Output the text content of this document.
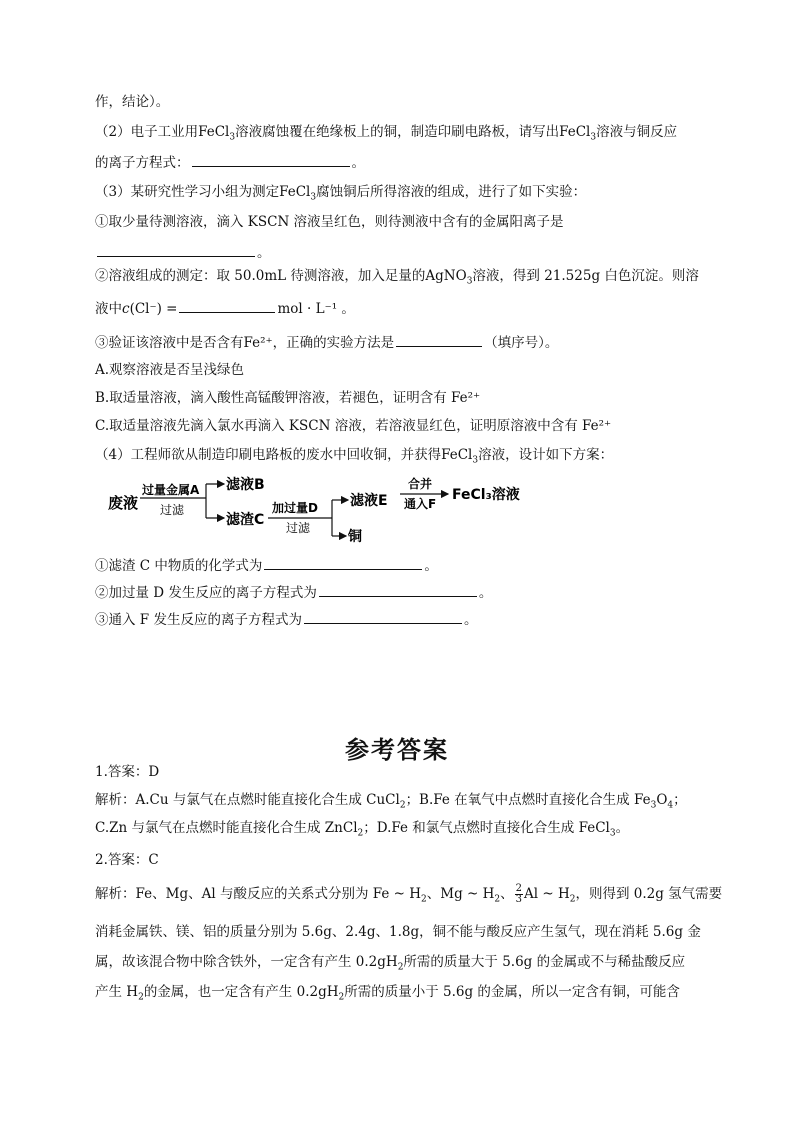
作，结论）。
（2）电子工业用FeCl$_3$溶液腐蚀覆在绝缘板上的铜，制造印刷电路板，请写出FeCl$_3$溶液与铜反应
的离子方程式：	。
（3）某研究性学习小组为测定FeCl$_3$腐蚀铜后所得溶液的组成，进行了如下实验：
①取少量待测溶液，滴入 KSCN 溶液呈红色，则待测液中含有的金属阳离子是
。
②溶液组成的测定：取 50.0mL 待测溶液，加入足量的AgNO$_3$溶液，得到 21.525g 白色沉淀。则溶
液中c(Cl⁻) =	mol · L⁻¹ 。
③验证该溶液中是否含有Fe²⁺，正确的实验方法是	（填序号）。
A.观察溶液是否呈浅绿色
B.取适量溶液，滴入酸性高锰酸钾溶液，若褪色，证明含有 Fe²⁺
C.取适量溶液先滴入氯水再滴入 KSCN 溶液，若溶液显红色，证明原溶液中含有 Fe²⁺
（4）工程师欲从制造印刷电路板的废水中回收铜，并获得FeCl$_3$溶液，设计如下方案：
废液
过量金属A
过滤
滤液B
滤渣C
加过量D
过滤
滤液E
铜
合并
通入F
FeCl₃溶液
①滤渣 C 中物质的化学式为	。
②加过量 D 发生反应的离子方程式为	。
③通入 F 发生反应的离子方程式为	。
参考答案
1.答案：D
解析：A.Cu 与氯气在点燃时能直接化合生成 CuCl$_2$；B.Fe 在氧气中点燃时直接化合生成 $Fe_3O_4$；
C.Zn 与氯气在点燃时能直接化合生成 ZnCl$_2$；D.Fe 和氯气点燃时直接化合生成 FeCl$_3$。
2.答案：C
解析：Fe、Mg、Al 与酸反应的关系式分别为 Fe ~ $H_2$、Mg ~ $H_2$、 $\frac{2}{3}$ Al ~ $H_2$，则得到 0.2g 氢气需要
消耗金属铁、镁、铝的质量分别为 5.6g、2.4g、1.8g，铜不能与酸反应产生氢气，现在消耗 5.6g 金
属，故该混合物中除含铁外，一定含有产生 $0.2gH_2$所需的质量大于 5.6g 的金属或不与稀盐酸反应
产生 $H_2$的金属，也一定含有产生 $0.2gH_2$所需的质量小于 5.6g 的金属，所以一定含有铜，可能含
